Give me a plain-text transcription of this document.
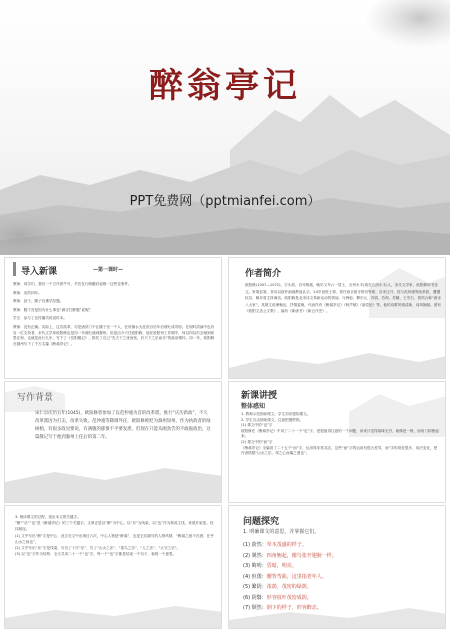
醉翁亭记
PPT免费网（pptmianfei.com）
导入新课	—第一课时—
教师：同学们，我们一个古代的牛号，辛苦在行路醒后起唯一这些变事件。
教师：出的四年。
教师：甚子，滕子宫佛学经题。
教师：滕子宫是因为什么事变“滴守打醉题”说呢？
学生：参与了还传播功说说传本。
教师：没有正确。实际上，这次改革，尽是诸侯门不让滕子宫一个人，在所摘水大庶庶百后年后被贬成司府。在现时清滴中也有另一位支持者，宋代文学家欧阳修也是同一年被贬滴到滁州。但是由今天任欧阳修，他在欧阳州工作期中，何以何以后去赋到和思在和，也就是此行九年，写下了《岳阳楼记》，推托了自己“先天下之忧而忧，后天下之乐而乐”的政治情怀。同一年，欧阳修在滁州写下了千古名篇《醉翁亭记》。
作者简介
欧阳修(1007—1072)，字永叔，自号醉翁，晚年又号六一居士，吉州永丰(现在江西永丰)人，宋代文学家，欧阳修和书变文。家境贫寒，其母以荻杆画地教他认字。24岁登进士第，曾任西京留守推官等职，后来迁升，因与范仲淹等改革派，遭遭权臣，晚年曾主持谏官。欧阳修是北宋诗文革新运动的领袖，与韩愈、柳宗元、苏轼、苏洵、苏辙、王安石、曾巩合称“唐宋八大家”。其散文说理畅达，抒情委婉，代表作有《醉翁亭记》《秋声赋》《朋党论》等。他的诗歌风格清新，词风婉丽。著有《欧阳文忠公文集》，编有《新唐书》《新五代史》。
写作背景
宋仁宗庆历五年(1045)，欧阳修曾参加了以范仲淹为首的改革派，推行“庆历新政”，不久改革派因为打击，改革失败。范仲淹等降调外任，欧阳修被贬为滁州知州。作为执政者的绿树梢，有很多政见要说，有满腹的郁愤不平要发泄，但现在只能从刚劲告的不敢拖政治，这篇散记写于他到滁州上任后的第二年。
新课讲授
整体感知
1. 教师示范朗读课文，学生初步感知课文。
2. 学生自由朗读课文，注意把握停顿。
(1) 课文中的“也”字
欧阳修在《醉翁亭记》中用了二十一个“也”字，是很值得注意的一个问题，读来只觉得韵味无穷，就像是一般，而用力顿挫起来。
(2) 课文中的“而”字
《醉翁亭记》全篇用了二十五个“而”字，运用得非常灵活，这些“而”字的运用有很大差异，而”字的用处很多，用法变化，把作者情感“山水之乐，得之心而寓之酒也”。
3. 朗读课文的过程，找出本文的关键字。
“醉”“乐”“也”是《醉翁亭记》的三个关键字。文章正是以“醉”为中心，以“乐”为线索，以“也”作为构成主线，来展开叙述。经纬相连。
(1) 文中写出“醉”字是中心：此字在文中出现过六次，中心人物是“醉翁”，也是它们描写的人物风情，“醉翁之意不在酒，在乎山水之间也”。
(2) 文中写出“乐”字是线索，写出了十次“乐”，写了“山水之乐”，“禽鸟之乐”，“人之乐”，“太守之乐”。
(3) 以“也”字作为结构：全文共用二十一个“也”字，每一个“也”字都是结束一个句子，表明一个意思。
问题探究
1. 明确课文的意思，并掌握它们。
(1) 蔚然：草木茂盛的样子。
(2) 翼然：四角翘起，像鸟张开翅膀一样。
(3) 晦明：昏暗，明亮。
(4) 伛偻：腰背弯曲，这里指老年人。
(5) 繁阴：浓荫，茂密的绿荫。
(6) 阴翳：形容枝叶茂密成阴。
(7) 颓然：倒下的样子，形容醉态。
